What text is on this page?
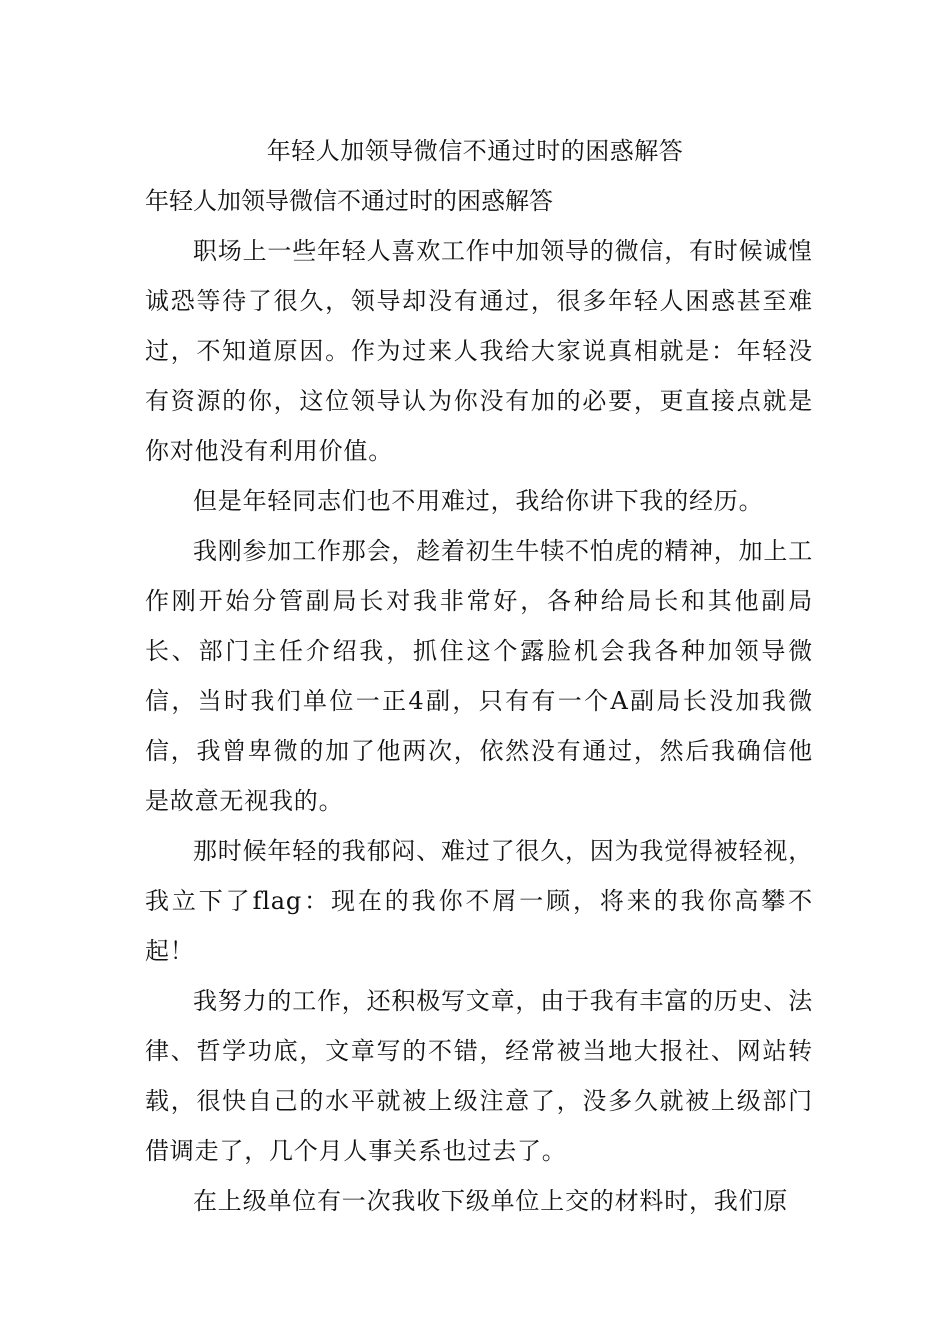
年轻人加领导微信不通过时的困惑解答
年轻人加领导微信不通过时的困惑解答

职场上一些年轻人喜欢工作中加领导的微信，有时候诚惶诚恐等待了很久，领导却没有通过，很多年轻人困惑甚至难过，不知道原因。作为过来人我给大家说真相就是：年轻没有资源的你，这位领导认为你没有加的必要，更直接点就是你对他没有利用价值。

但是年轻同志们也不用难过，我给你讲下我的经历。

我刚参加工作那会，趁着初生牛犊不怕虎的精神，加上工作刚开始分管副局长对我非常好，各种给局长和其他副局长、部门主任介绍我，抓住这个露脸机会我各种加领导微信，当时我们单位一正4副，只有有一个A副局长没加我微信，我曾卑微的加了他两次，依然没有通过，然后我确信他是故意无视我的。

那时候年轻的我郁闷、难过了很久，因为我觉得被轻视，我立下了flag：现在的我你不屑一顾，将来的我你高攀不起！

我努力的工作，还积极写文章，由于我有丰富的历史、法律、哲学功底，文章写的不错，经常被当地大报社、网站转载，很快自己的水平就被上级注意了，没多久就被上级部门借调走了，几个月人事关系也过去了。

在上级单位有一次我收下级单位上交的材料时，我们原
